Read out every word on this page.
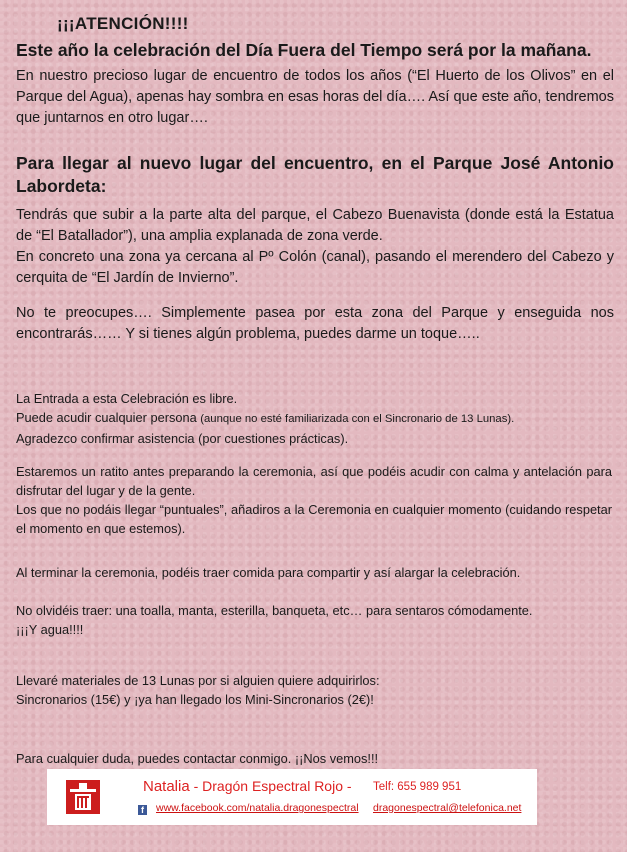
¡¡¡ATENCIÓN!!!!
Este año la celebración del Día Fuera del Tiempo será por la mañana.
En nuestro precioso lugar de encuentro de todos los años (“El Huerto de los Olivos” en el Parque del Agua), apenas hay sombra en esas horas del día…. Así que este año, tendremos que juntarnos en otro lugar….
Para llegar al nuevo lugar del encuentro, en el Parque José Antonio Labordeta:
Tendrás que subir a la parte alta del parque, el Cabezo Buenavista (donde está la Estatua de “El Batallador”), una amplia explanada de zona verde.
En concreto una zona ya cercana al Pº Colón (canal), pasando el merendero del Cabezo y cerquita de “El Jardín de Invierno”.
No te preocupes…. Simplemente pasea por esta zona del Parque y enseguida nos encontrarás…… Y si tienes algún problema, puedes darme un toque…..
La Entrada a esta Celebración es libre.
Puede acudir cualquier persona (aunque no esté familiarizada con el Sincronario de 13 Lunas).
Agradezco confirmar asistencia (por cuestiones prácticas).
Estaremos un ratito antes preparando la ceremonia, así que podéis acudir con calma y antelación para disfrutar del lugar y de la gente.
Los que no podáis llegar “puntuales”, añadiros a la Ceremonia en cualquier momento (cuidando respetar el momento en que estemos).
Al terminar la ceremonia, podéis traer comida para compartir y así alargar la celebración.
No olvidéis traer: una toalla, manta, esterilla, banqueta, etc… para sentaros cómodamente.
¡¡¡Y agua!!!!
Llevaré materiales de 13 Lunas por si alguien quiere adquirirlos:
Sincronarios (15€) y ¡ya han llegado los Mini-Sincronarios (2€)!
Para cualquier duda, puedes contactar conmigo. ¡¡Nos vemos!!!
Natalia - Dragón Espectral Rojo - Telf: 655 989 951
f www.facebook.com/natalia.dragonespectral dragonespectral@telefonica.net
